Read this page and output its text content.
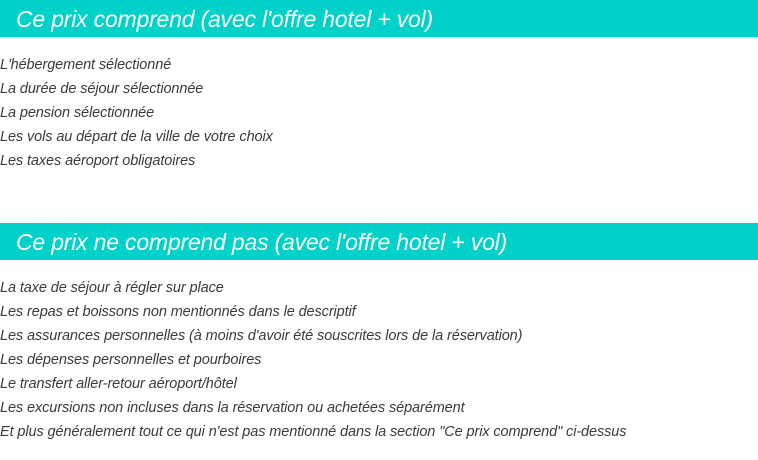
Ce prix comprend (avec l'offre hotel + vol)
L'hébergement sélectionné
La durée de séjour sélectionnée
La pension sélectionnée
Les vols au départ de la ville de votre choix
Les taxes aéroport obligatoires
Ce prix ne comprend pas (avec l'offre hotel + vol)
La taxe de séjour à régler sur place
Les repas et boissons non mentionnés dans le descriptif
Les assurances personnelles (à moins d'avoir été souscrites lors de la réservation)
Les dépenses personnelles et pourboires
Le transfert aller-retour aéroport/hôtel
Les excursions non incluses dans la réservation ou achetées séparément
Et plus généralement tout ce qui n'est pas mentionné dans la section "Ce prix comprend" ci-dessus
